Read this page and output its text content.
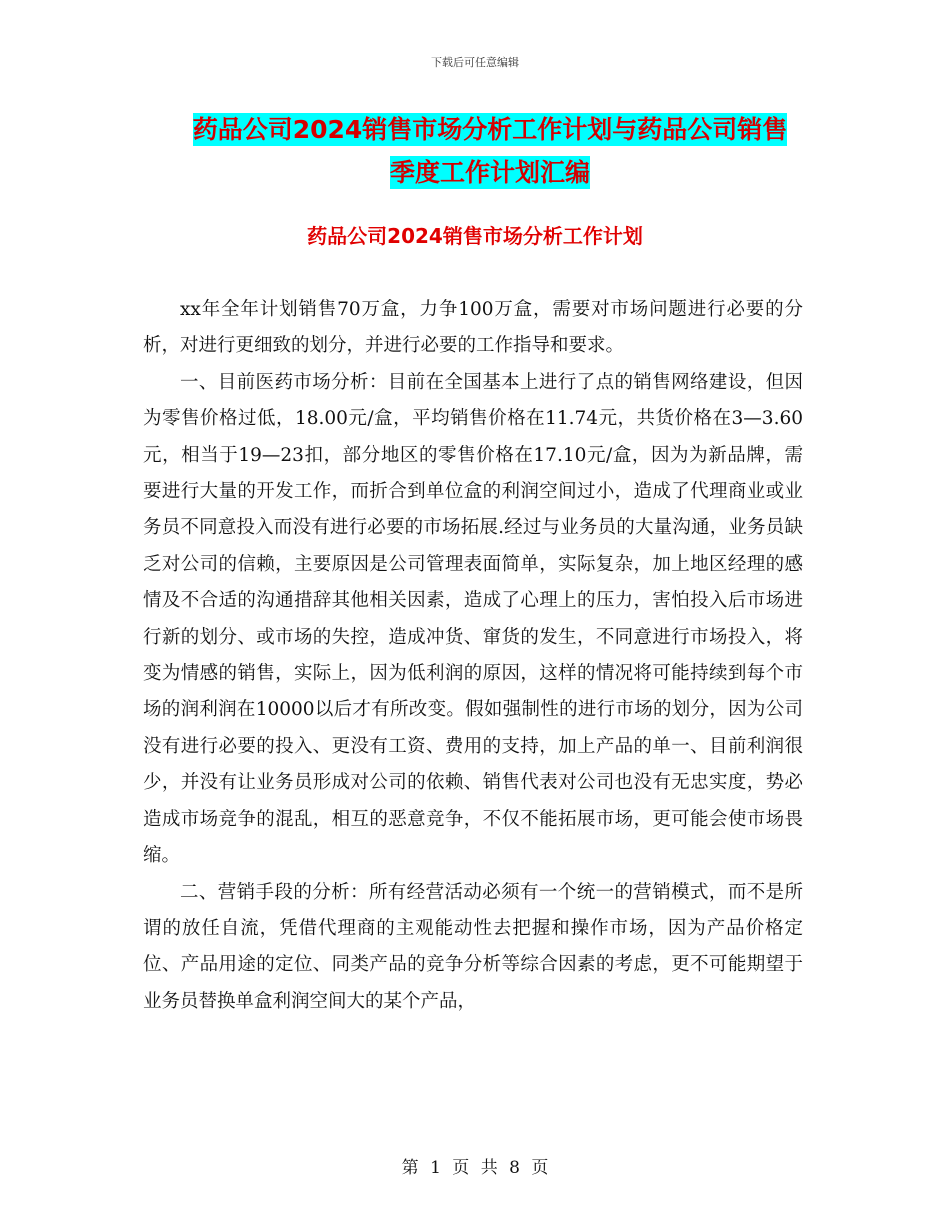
下载后可任意编辑
药品公司2024销售市场分析工作计划与药品公司销售
季度工作计划汇编
药品公司2024销售市场分析工作计划

xx年全年计划销售70万盒，力争100万盒，需要对市场问题进行必要的分析，对进行更细致的划分，并进行必要的工作指导和要求。

一、目前医药市场分析：目前在全国基本上进行了点的销售网络建设，但因为零售价格过低，18.00元/盒，平均销售价格在11.74元，共货价格在3—3.60元，相当于19—23扣，部分地区的零售价格在17.10元/盒，因为为新品牌，需要进行大量的开发工作，而折合到单位盒的利润空间过小，造成了代理商业或业务员不同意投入而没有进行必要的市场拓展.经过与业务员的大量沟通，业务员缺乏对公司的信赖，主要原因是公司管理表面简单，实际复杂，加上地区经理的感情及不合适的沟通措辞其他相关因素，造成了心理上的压力，害怕投入后市场进行新的划分、或市场的失控，造成冲货、窜货的发生，不同意进行市场投入，将变为情感的销售，实际上，因为低利润的原因，这样的情况将可能持续到每个市场的润利润在10000以后才有所改变。假如强制性的进行市场的划分，因为公司没有进行必要的投入、更没有工资、费用的支持，加上产品的单一、目前利润很少，并没有让业务员形成对公司的依赖、销售代表对公司也没有无忠实度，势必造成市场竞争的混乱，相互的恶意竞争，不仅不能拓展市场，更可能会使市场畏缩。

二、营销手段的分析：所有经营活动必须有一个统一的营销模式，而不是所谓的放任自流，凭借代理商的主观能动性去把握和操作市场，因为产品价格定位、产品用途的定位、同类产品的竞争分析等综合因素的考虑，更不可能期望于业务员替换单盒利润空间大的某个产品，

第 1 页 共 8 页
